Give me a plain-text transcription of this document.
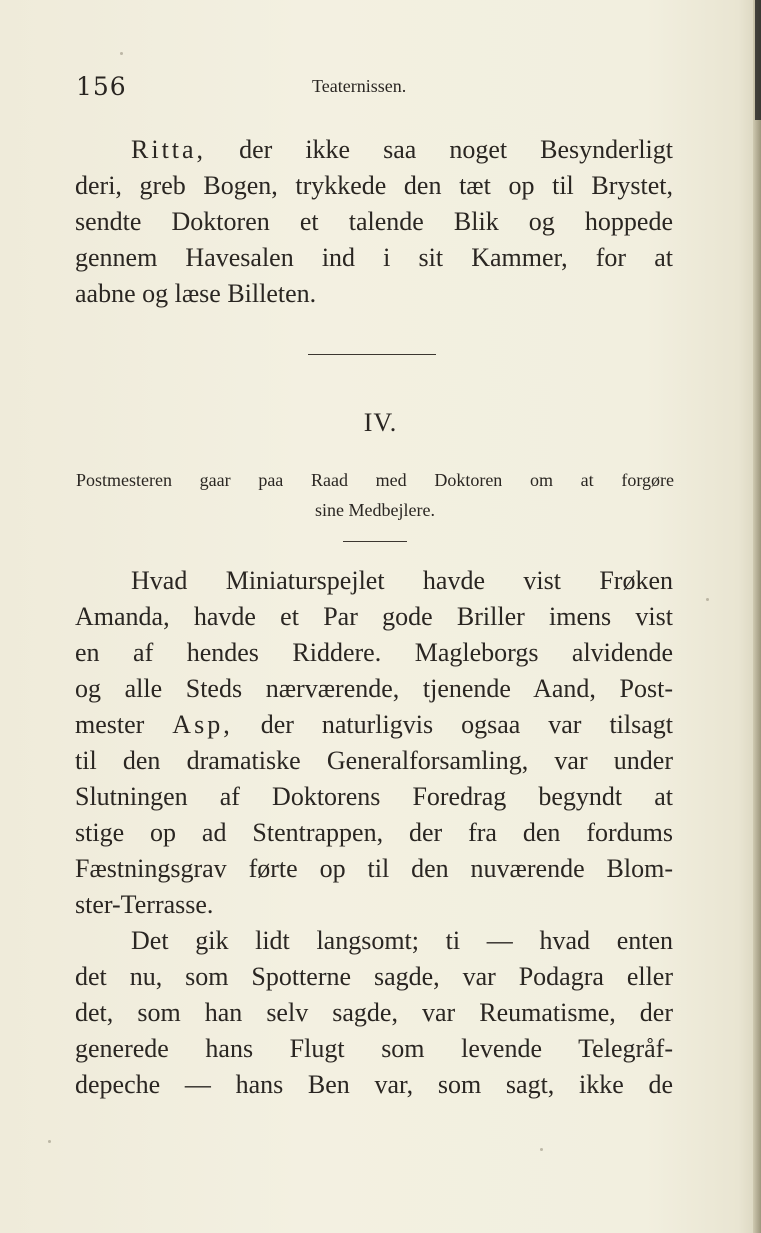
156	Teaternissen.
Ritta, der ikke saa noget Besynderligt
deri, greb Bogen, trykkede den tæt op til Brystet,
sendte Doktoren et talende Blik og hoppede
gennem Havesalen ind i sit Kammer, for at
aabne og læse Billeten.
IV.
Postmesteren gaar paa Raad med Doktoren om at forgøre
sine Medbejlere.
Hvad Miniaturspejlet havde vist Frøken
Amanda, havde et Par gode Briller imens vist
en af hendes Riddere. Magleborgs alvidende
og alle Steds nærværende, tjenende Aand, Post-
mester Asp, der naturligvis ogsaa var tilsagt
til den dramatiske Generalforsamling, var under
Slutningen af Doktorens Foredrag begyndt at
stige op ad Stentrappen, der fra den fordums
Fæstningsgrav førte op til den nuværende Blom-
ster-Terrasse.
Det gik lidt langsomt; ti — hvad enten
det nu, som Spotterne sagde, var Podagra eller
det, som han selv sagde, var Reumatisme, der
generede hans Flugt som levende Telegråf-
depeche — hans Ben var, som sagt, ikke de
